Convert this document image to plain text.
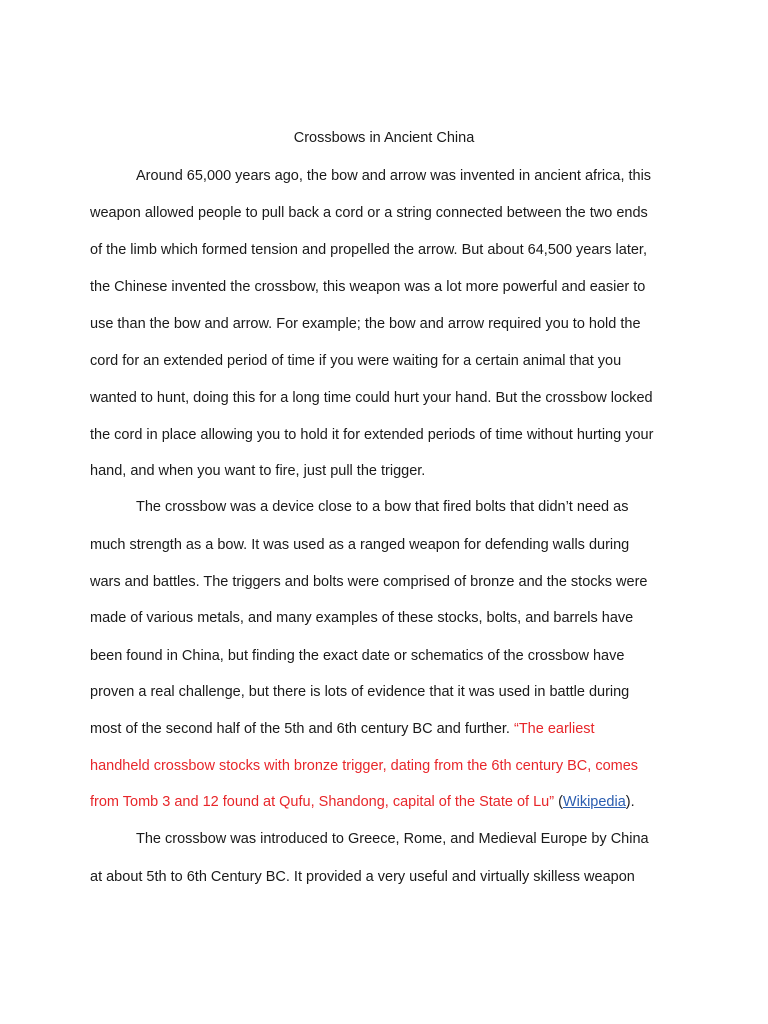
Crossbows in Ancient China
Around 65,000 years ago, the bow and arrow was invented in ancient africa, this
weapon allowed people to pull back a cord or a string connected between the two ends
of the limb which formed tension and propelled the arrow. But about 64,500 years later,
the Chinese invented the crossbow, this weapon was a lot more powerful and easier to
use than the bow and arrow. For example; the bow and arrow required you to hold the
cord for an extended period of time if you were waiting for a certain animal that you
wanted to hunt, doing this for a long time could hurt your hand. But the crossbow locked
the cord in place allowing you to hold it for extended periods of time without hurting your
hand, and when you want to fire, just pull the trigger.
The crossbow was a device close to a bow that fired bolts that didn’t need as
much strength as a bow. It was used as a ranged weapon for defending walls during
wars and battles. The triggers and bolts were comprised of bronze and the stocks were
made of various metals, and many examples of these stocks, bolts, and barrels have
been found in China, but finding the exact date or schematics of the crossbow have
proven a real challenge, but there is lots of evidence that it was used in battle during
most of the second half of the 5th and 6th century BC and further. “The earliest
handheld crossbow stocks with bronze trigger, dating from the 6th century BC, comes
from Tomb 3 and 12 found at Qufu, Shandong, capital of the State of Lu” (Wikipedia).
The crossbow was introduced to Greece, Rome, and Medieval Europe by China
at about 5th to 6th Century BC. It provided a very useful and virtually skilless weapon
